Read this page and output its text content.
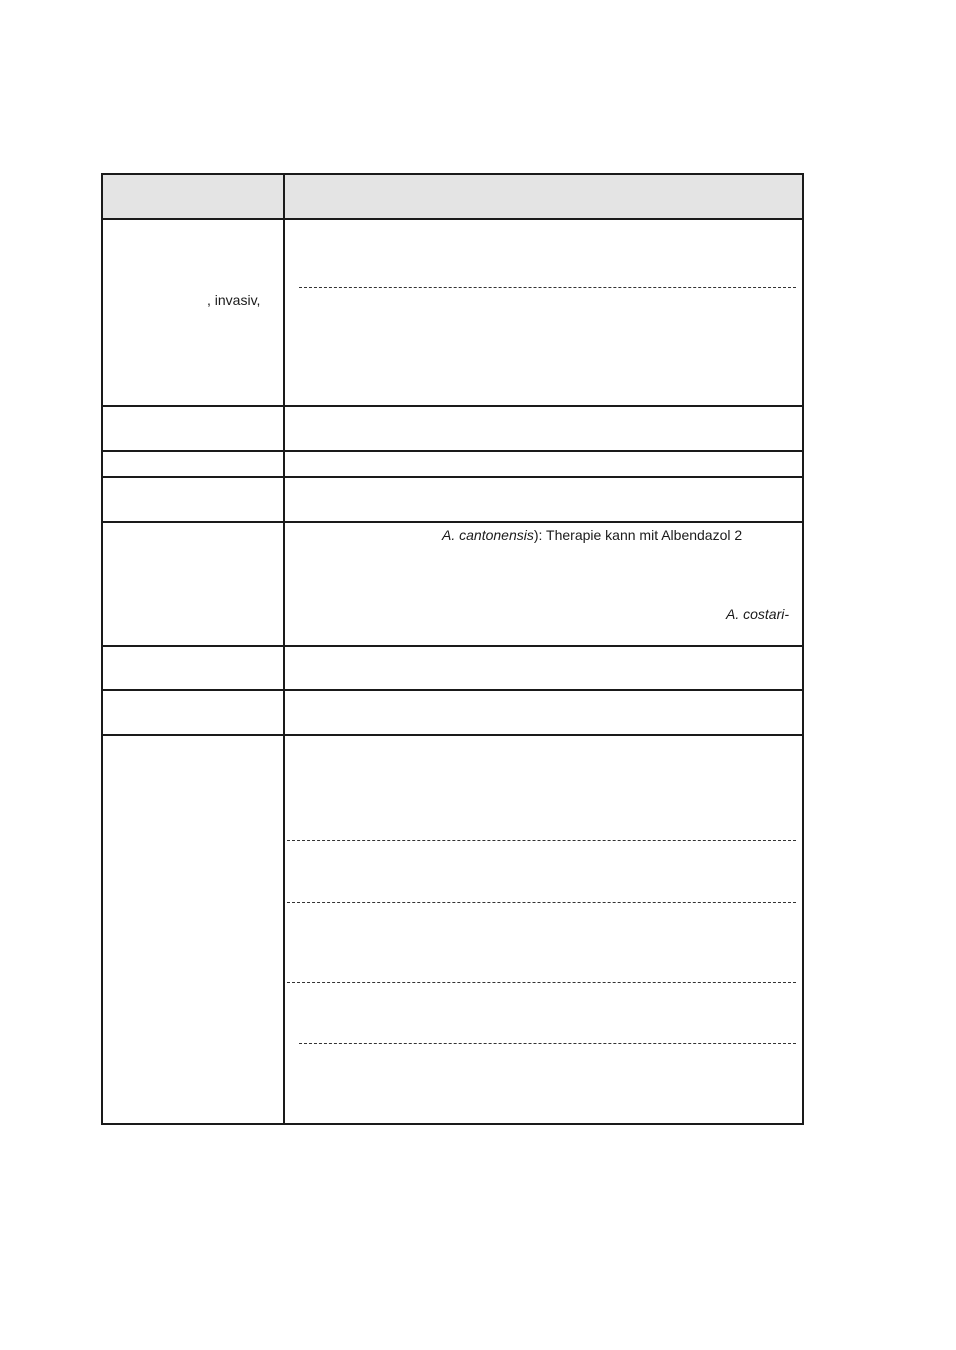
, invasiv,
A. cantonensis): Therapie kann mit Albendazol 2
A. costari-
